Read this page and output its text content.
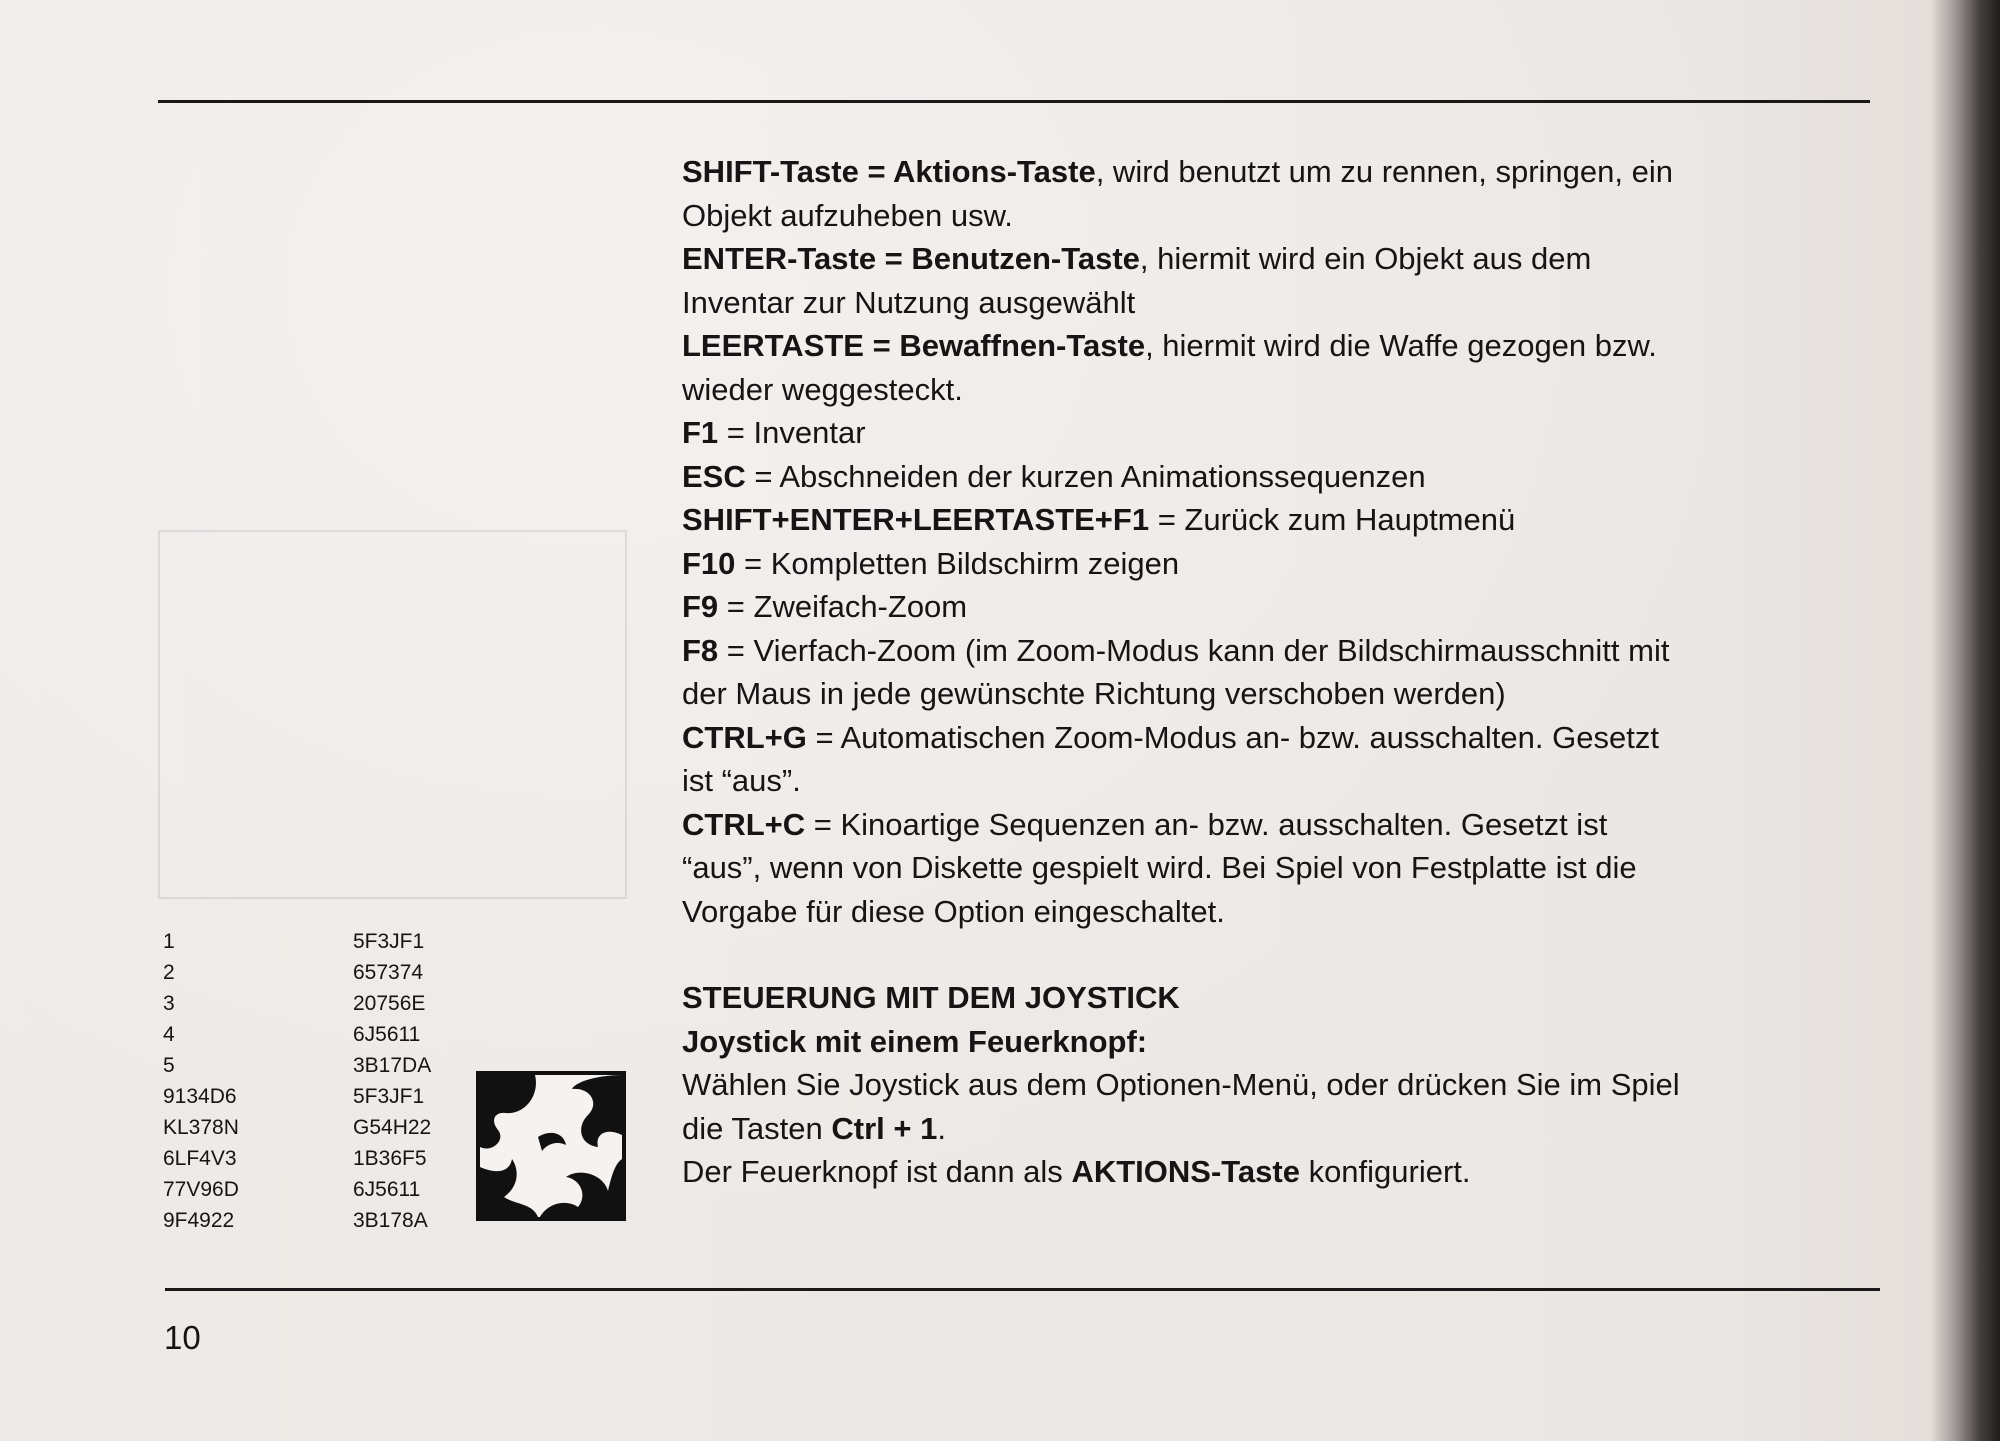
SHIFT-Taste = Aktions-Taste, wird benutzt um zu rennen, springen, ein

Objekt aufzuheben usw.

ENTER-Taste = Benutzen-Taste, hiermit wird ein Objekt aus dem

Inventar zur Nutzung ausgewählt

LEERTASTE = Bewaffnen-Taste, hiermit wird die Waffe gezogen bzw.

wieder weggesteckt.

F1 = Inventar

ESC = Abschneiden der kurzen Animationssequenzen

SHIFT+ENTER+LEERTASTE+F1 = Zurück zum Hauptmenü

F10 = Kompletten Bildschirm zeigen

F9 = Zweifach-Zoom

F8 = Vierfach-Zoom (im Zoom-Modus kann der Bildschirmausschnitt mit

der Maus in jede gewünschte Richtung verschoben werden)

CTRL+G = Automatischen Zoom-Modus an- bzw. ausschalten. Gesetzt

ist “aus”.

CTRL+C = Kinoartige Sequenzen an- bzw. ausschalten. Gesetzt ist

“aus”, wenn von Diskette gespielt wird. Bei Spiel von Festplatte ist die

Vorgabe für diese Option eingeschaltet.

STEUERUNG MIT DEM JOYSTICK

Joystick mit einem Feuerknopf:

Wählen Sie Joystick aus dem Optionen-Menü, oder drücken Sie im Spiel

die Tasten Ctrl + 1.

Der Feuerknopf ist dann als AKTIONS-Taste konfiguriert.

1	5F3JF1
2	657374
3	20756E
4	6J5611
5	3B17DA
9134D6	5F3JF1
KL378N	G54H22
6LF4V3	1B36F5
77V96D	6J5611
9F4922	3B178A
10
